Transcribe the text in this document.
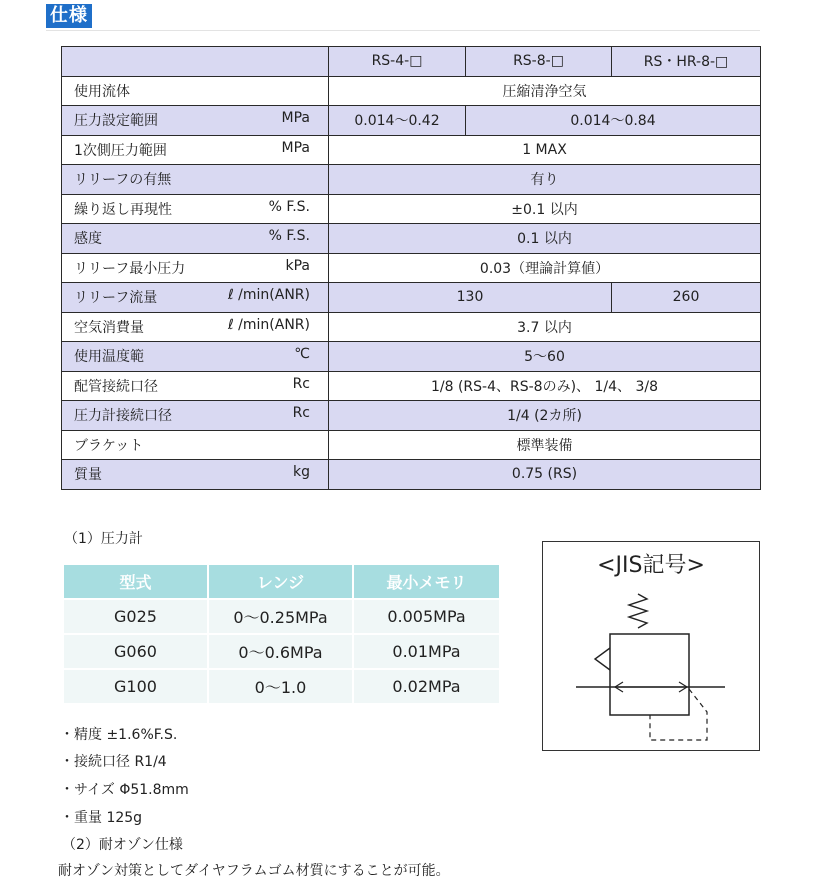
仕様
	RS-4-□	RS-8-□	RS・HR-8-□

使用流体	圧縮清浄空気		

圧力設定範囲 MPa	0.014～0.42	0.014～0.84	

1次側圧力範囲 MPa	1 MAX		

リリーフの有無	有り		

繰り返し再現性 % F.S.	±0.1 以内		

感度 % F.S.	0.1 以内		

リリーフ最小圧力 kPa	0.03（理論計算値）		

リリーフ流量 ℓ /min(ANR)	130		260

空気消費量 ℓ /min(ANR)	3.7 以内		

使用温度範 ℃	5～60		

配管接続口径 Rc	1/8 (RS-4、RS-8のみ)、 1/4、 3/8		

圧力計接続口径 Rc	1/4 (2カ所)		

ブラケット	標準装備		

質量 kg	0.75 (RS)		
（1）圧力計
型式	レンジ	最小メモリ
G025	0～0.25MPa	0.005MPa
G060	0～0.6MPa	0.01MPa
G100	0～1.0	0.02MPa
<JIS記号>
・精度 ±1.6%F.S.
・接続口径 R1/4
・サイズ Φ51.8mm
・重量 125g
（2）耐オゾン仕様
耐オゾン対策としてダイヤフラムゴム材質にすることが可能。
